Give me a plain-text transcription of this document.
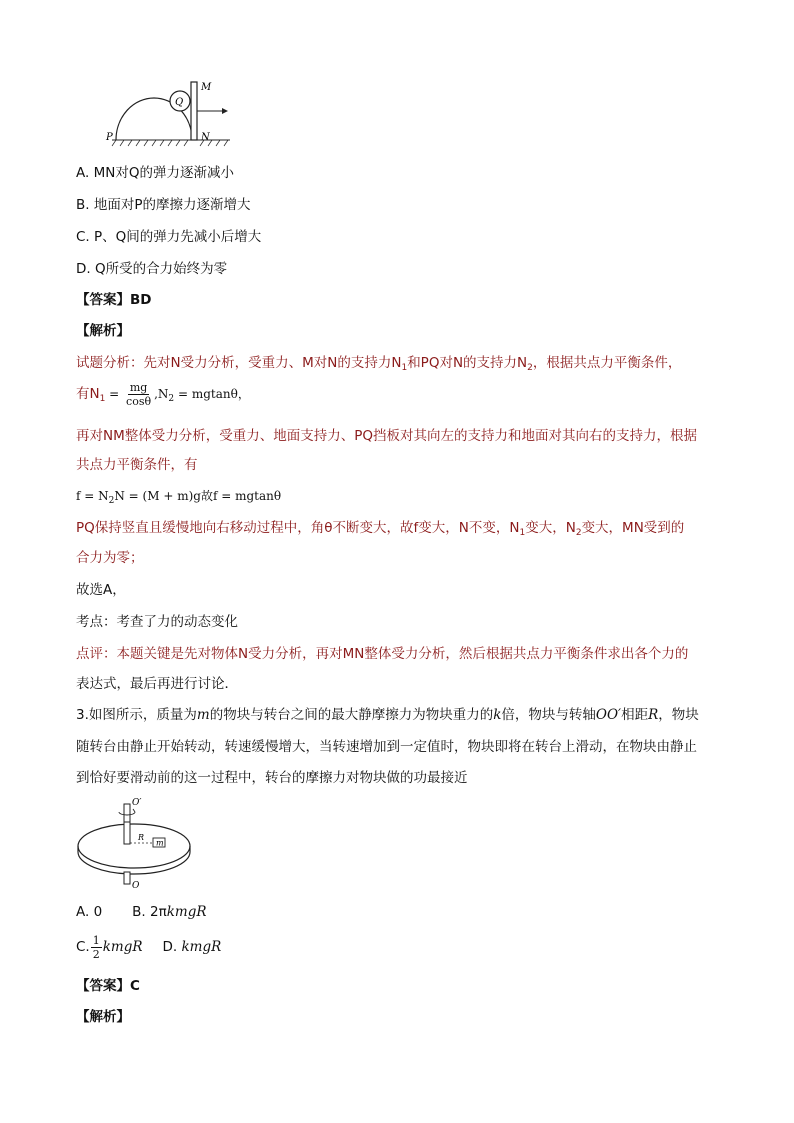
Q
M
P	N
A. MN对Q的弹力逐渐减小
B. 地面对P的摩擦力逐渐增大
C. P、Q间的弹力先减小后增大
D. Q所受的合力始终为零
【答案】BD
【解析】
试题分析：先对N受力分析，受重力、M对N的支持力$N_1$和PQ对N的支持力$N_2$，根据共点力平衡条件，
有$N_1 = \frac{mg}{\cos\theta} ,N_2 = mgtan\theta$，
再对NM整体受力分析，受重力、地面支持力、PQ挡板对其向左的支持力和地面对其向右的支持力，根据
共点力平衡条件，有
$f = N_2N = (M + m)g$故f = mgtanθ
PQ保持竖直且缓慢地向右移动过程中，角θ不断变大，故f变大，N不变，$N_1$变大，$N_2$变大，MN受到的
合力为零；
故选A，
考点：考查了力的动态变化
点评：本题关键是先对物体N受力分析，再对MN整体受力分析，然后根据共点力平衡条件求出各个力的
表达式，最后再进行讨论．
3.如图所示，质量为m的物块与转台之间的最大静摩擦力为物块重力的k倍，物块与转轴OO′相距R，物块
随转台由静止开始转动，转速缓慢增大，当转速增加到一定值时，物块即将在转台上滑动，在物块由静止
到恰好要滑动前的这一过程中，转台的摩擦力对物块做的功最接近
O′
R
m
O
A. 0 B. 2πkmgR
C. $\frac{1}{2}$ kmgR D. kmgR
【答案】C
【解析】
